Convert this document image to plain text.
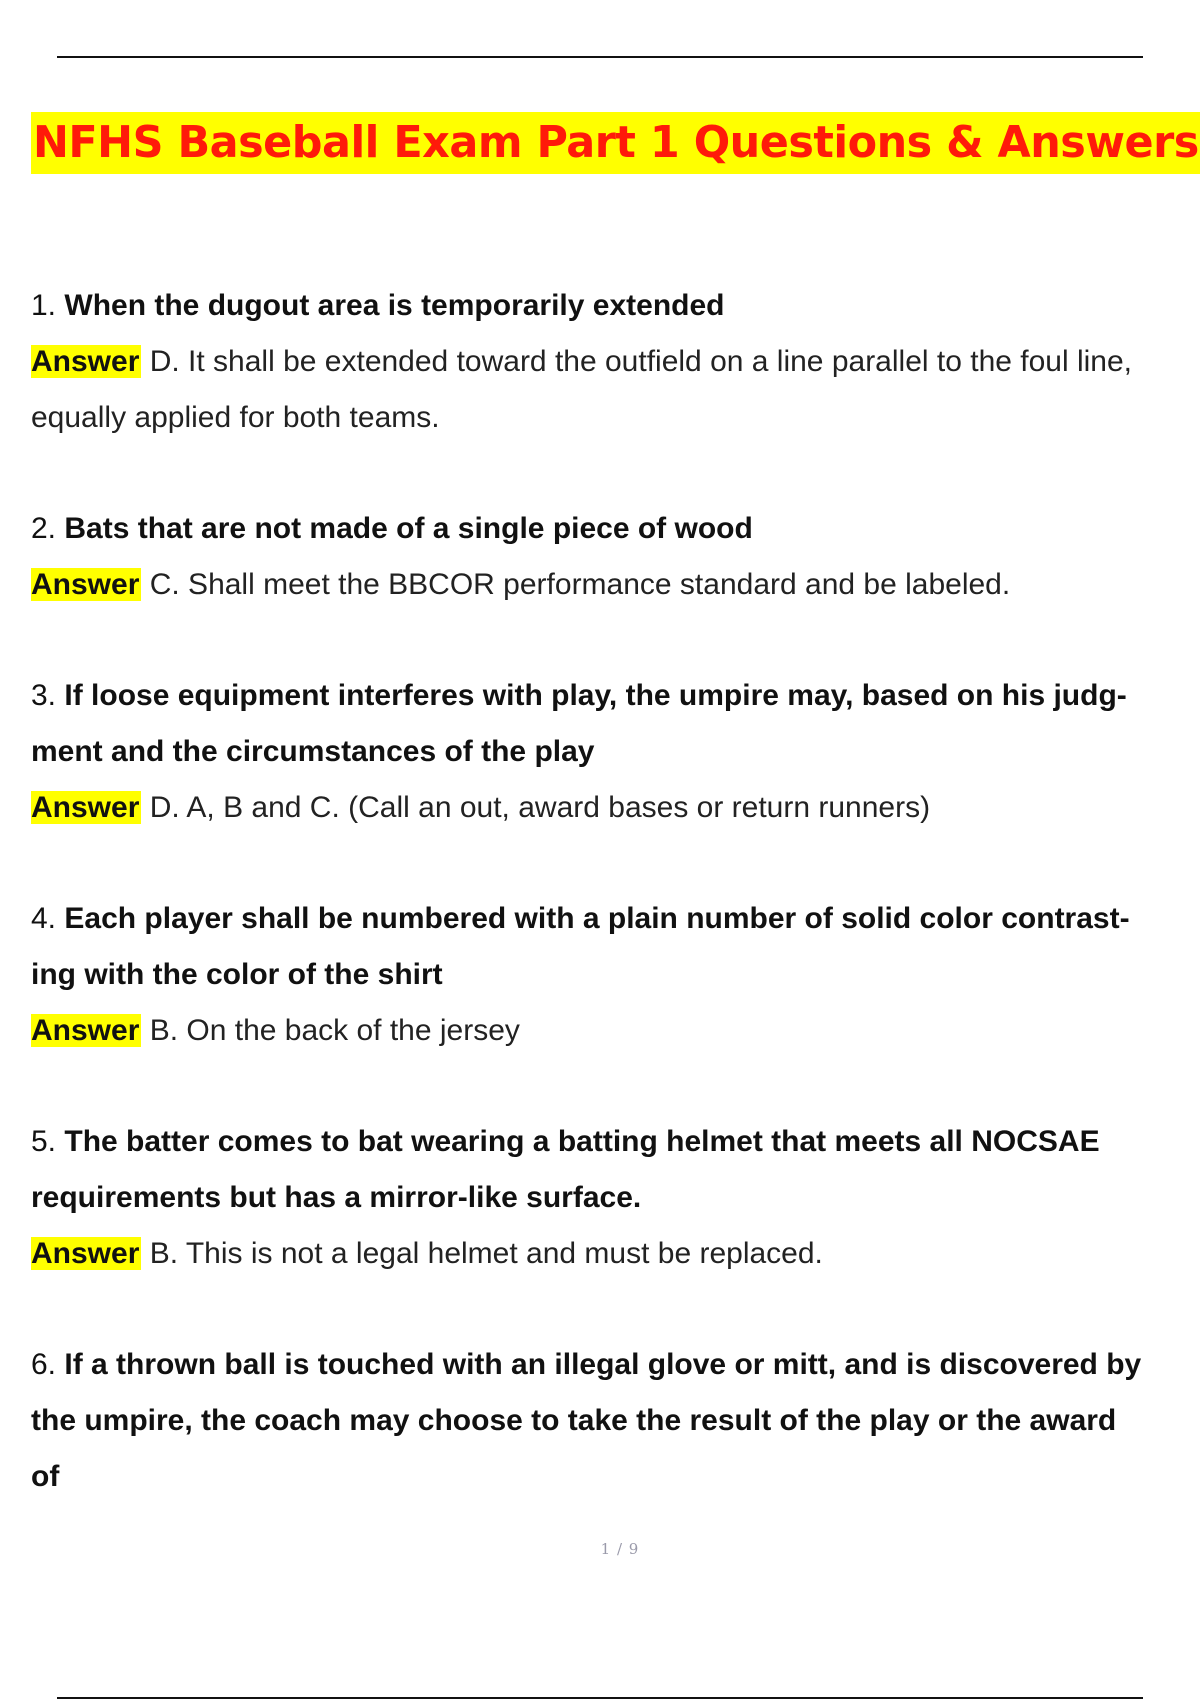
NFHS Baseball Exam Part 1 Questions & Answers
1. When the dugout area is temporarily extended
Answer D. It shall be extended toward the outfield on a line parallel to the foul line,
equally applied for both teams.
2. Bats that are not made of a single piece of wood
Answer C. Shall meet the BBCOR performance standard and be labeled.
3. If loose equipment interferes with play, the umpire may, based on his judg-
ment and the circumstances of the play
Answer D. A, B and C. (Call an out, award bases or return runners)
4. Each player shall be numbered with a plain number of solid color contrast-
ing with the color of the shirt
Answer B. On the back of the jersey
5. The batter comes to bat wearing a batting helmet that meets all NOCSAE
requirements but has a mirror-like surface.
Answer B. This is not a legal helmet and must be replaced.
6. If a thrown ball is touched with an illegal glove or mitt, and is discovered by
the umpire, the coach may choose to take the result of the play or the award
of
1 / 9
